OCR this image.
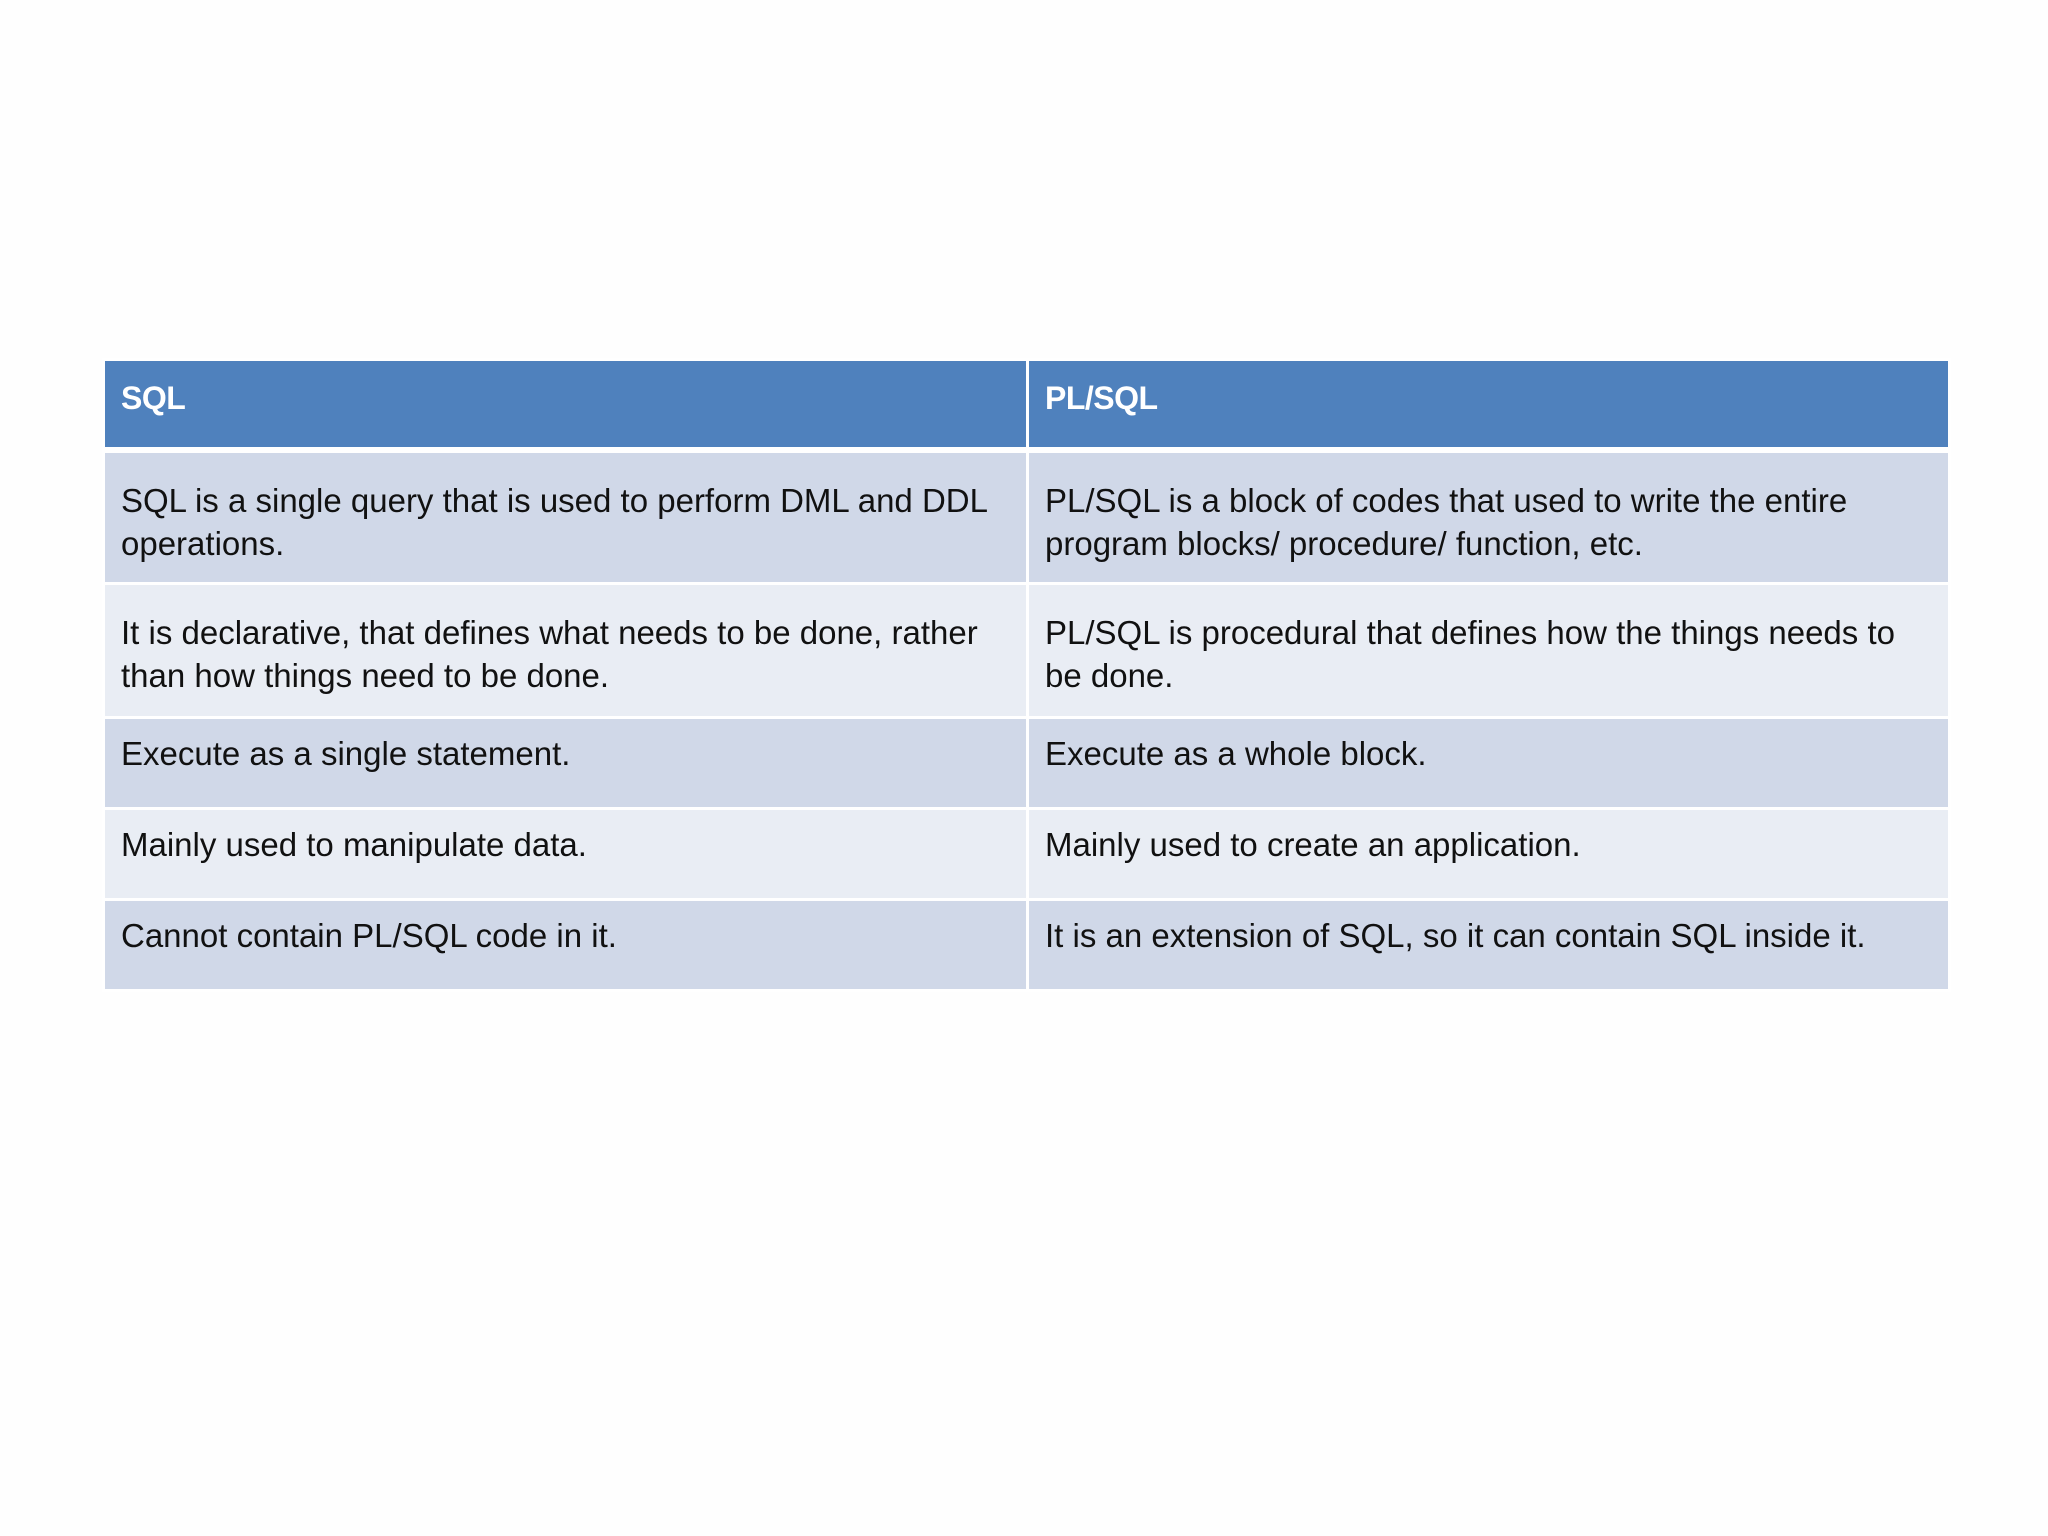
SQL	PL/SQL
SQL is a single query that is used to perform DML and DDL operations.	PL/SQL is a block of codes that used to write the entire program blocks/ procedure/ function, etc.
It is declarative, that defines what needs to be done, rather than how things need to be done.	PL/SQL is procedural that defines how the things needs to be done.
Execute as a single statement.	Execute as a whole block.
Mainly used to manipulate data.	Mainly used to create an application.
Cannot contain PL/SQL code in it.	It is an extension of SQL, so it can contain SQL inside it.
